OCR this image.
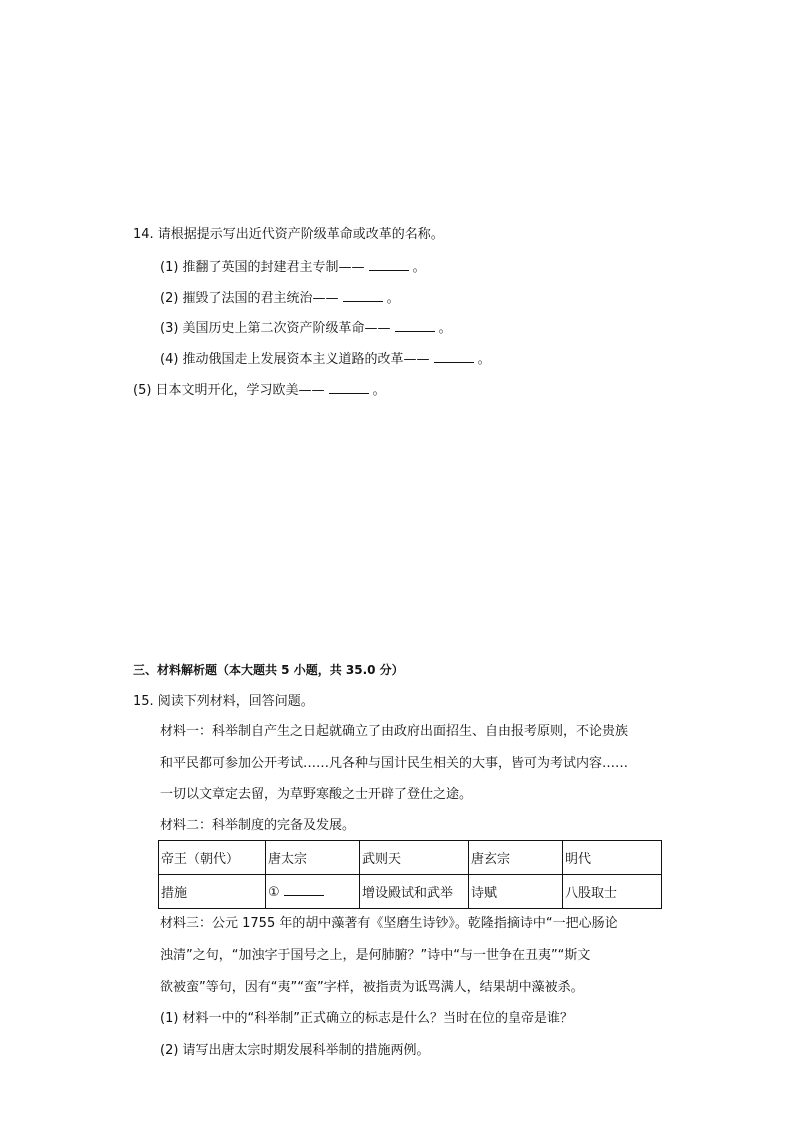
14. 请根据提示写出近代资产阶级革命或改革的名称。
(1) 推翻了英国的封建君主专制——	。
(2) 摧毁了法国的君主统治——	。
(3) 美国历史上第二次资产阶级革命——	。
(4) 推动俄国走上发展资本主义道路的改革——	。
(5) 日本文明开化，学习欧美——	。
三、材料解析题（本大题共 5 小题，共 35.0 分）
15. 阅读下列材料，回答问题。
材料一：科举制自产生之日起就确立了由政府出面招生、自由报考原则，不论贵族
和平民都可参加公开考试……凡各种与国计民生相关的大事，皆可为考试内容……
一切以文章定去留，为草野寒酸之士开辟了登仕之途。
材料二：科举制度的完备及发展。
帝王（朝代）	唐太宗	武则天	唐玄宗	明代
措施	①	增设殿试和武举	诗赋	八股取士
材料三：公元 1755 年的胡中藻著有《坚磨生诗钞》。乾隆指摘诗中“一把心肠论
浊清”之句，“加浊字于国号之上，是何肺腑？”诗中“与一世争在丑夷”“斯文
欲被蛮”等句，因有“夷”“蛮”字样，被指责为诋骂满人，结果胡中藻被杀。
(1) 材料一中的“科举制”正式确立的标志是什么？当时在位的皇帝是谁？
(2) 请写出唐太宗时期发展科举制的措施两例。
